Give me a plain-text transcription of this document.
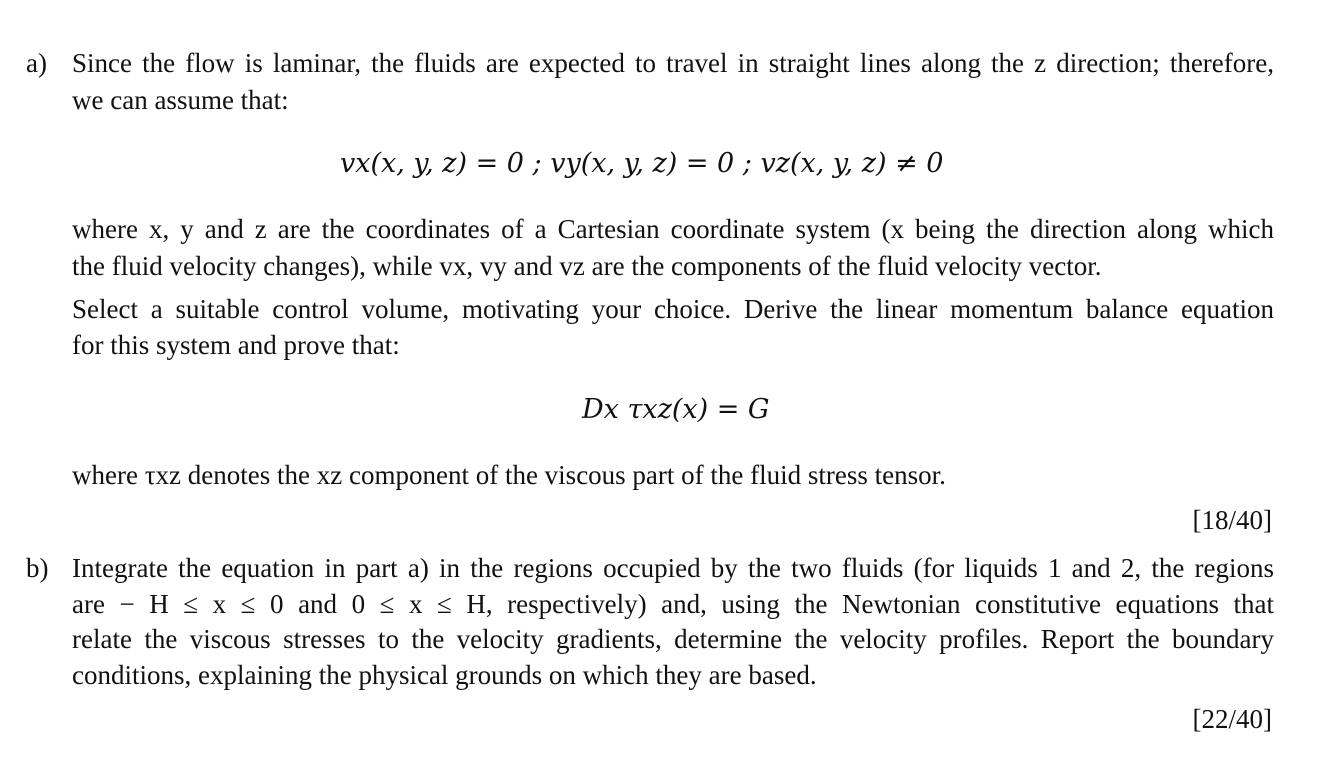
a) Since the flow is laminar, the fluids are expected to travel in straight lines along the z direction; therefore,
we can assume that:
vx(x, y, z) = 0 ; vy(x, y, z) = 0 ; vz(x, y, z) ≠ 0
where x, y and z are the coordinates of a Cartesian coordinate system (x being the direction along which
the fluid velocity changes), while vx, vy and vz are the components of the fluid velocity vector.
Select a suitable control volume, motivating your choice. Derive the linear momentum balance equation
for this system and prove that:
Dx τxz(x) = G
where τxz denotes the xz component of the viscous part of the fluid stress tensor.
[18/40]
b) Integrate the equation in part a) in the regions occupied by the two fluids (for liquids 1 and 2, the regions
are − H ≤ x ≤ 0 and 0 ≤ x ≤ H, respectively) and, using the Newtonian constitutive equations that
relate the viscous stresses to the velocity gradients, determine the velocity profiles. Report the boundary
conditions, explaining the physical grounds on which they are based.
[22/40]
